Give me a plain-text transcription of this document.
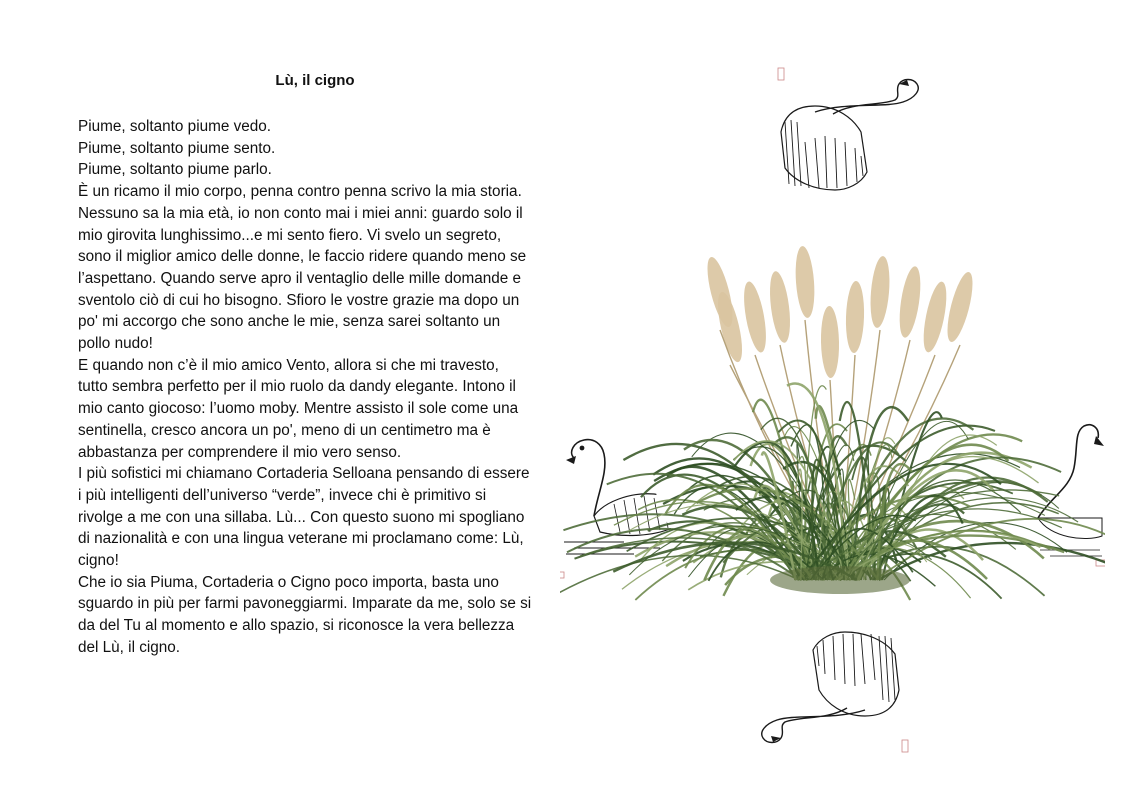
Lù, il cigno

Piume, soltanto piume vedo.

Piume, soltanto piume sento.

Piume, soltanto piume parlo.

È un ricamo il mio corpo, penna contro penna scrivo la mia storia.

Nessuno sa la mia età, io non conto mai i miei anni: guardo solo il

mio girovita lunghissimo...e mi sento fiero. Vi svelo un segreto,

sono il miglior amico delle donne, le faccio ridere quando meno se

l’aspettano. Quando serve apro il ventaglio delle mille domande e

sventolo ciò di cui ho bisogno. Sfioro le vostre grazie ma dopo un

po' mi accorgo che sono anche le mie, senza sarei soltanto un

pollo nudo!

E quando non c’è il mio amico Vento, allora si che mi travesto,

tutto sembra perfetto per il mio ruolo da dandy elegante. Intono il

mio canto giocoso: l’uomo moby. Mentre assisto il sole come una

sentinella, cresco ancora un po', meno di un centimetro ma è

abbastanza per comprendere il mio vero senso.

I più sofistici mi chiamano Cortaderia Selloana pensando di essere

i più intelligenti dell’universo “verde”, invece chi è primitivo si

rivolge a me con una sillaba. Lù... Con questo suono mi spogliano

di nazionalità e con una lingua veterane mi proclamano come: Lù,

cigno!

Che io sia Piuma, Cortaderia o Cigno poco importa, basta uno

sguardo in più per farmi pavoneggiarmi. Imparate da me, solo se si

da del Tu al momento e allo spazio, si riconosce la vera bellezza

del Lù, il cigno.
